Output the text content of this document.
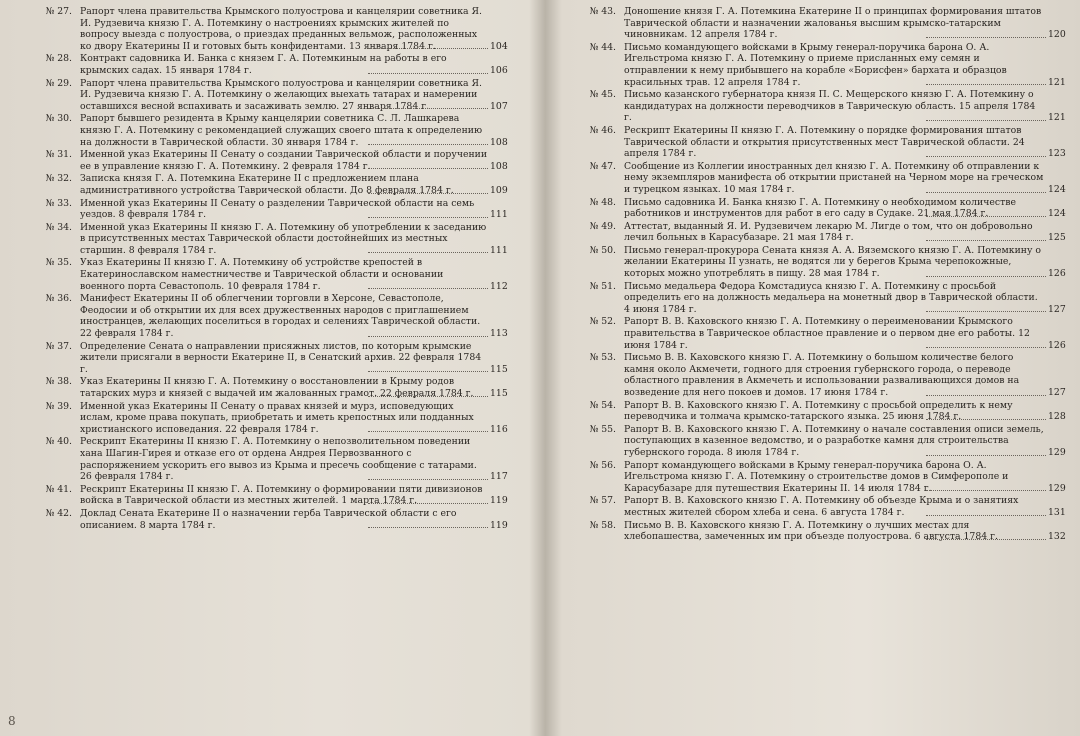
№ 27. Рапорт члена правительства Крымского полуострова и канцелярии советника Я. И. Рудзевича князю Г. А. Потемкину о настроениях крымских жителей по вопросу выезда с полуострова, о приездах преданных вельмож, расположенных ко двору Екатерины II и готовых быть конфидентами. 13 января 1784 г.	104
№ 28. Контракт садовника И. Банка с князем Г. А. Потемкиным на работы в его крымских садах. 15 января 1784 г.	106
№ 29. Рапорт члена правительства Крымского полуострова и канцелярии советника Я. И. Рудзевича князю Г. А. Потемкину о желающих выехать татарах и намерении оставшихся весной вспахивать и засаживать землю. 27 января 1784 г.	107
№ 30. Рапорт бывшего резидента в Крыму канцелярии советника С. Л. Лашкарева князю Г. А. Потемкину с рекомендацией служащих своего штата к определению на должности в Таврической области. 30 января 1784 г.	108
№ 31. Именной указ Екатерины II Сенату о создании Таврической области и поручении ее в управление князю Г. А. Потемкину. 2 февраля 1784 г.	108
№ 32. Записка князя Г. А. Потемкина Екатерине II с предложением плана административного устройства Таврической области. До 8 февраля 1784 г.	109
№ 33. Именной указ Екатерины II Сенату о разделении Таврической области на семь уездов. 8 февраля 1784 г.	111
№ 34. Именной указ Екатерины II князю Г. А. Потемкину об употреблении к заседанию в присутственных местах Таврической области достойнейших из местных старшин. 8 февраля 1784 г.	111
№ 35. Указ Екатерины II князю Г. А. Потемкину об устройстве крепостей в Екатеринославском наместничестве и Таврической области и основании военного порта Севастополь. 10 февраля 1784 г.	112
№ 36. Манифест Екатерины II об облегчении торговли в Херсоне, Севастополе, Феодосии и об открытии их для всех дружественных народов с приглашением иностранцев, желающих поселиться в городах и селениях Таврической области. 22 февраля 1784 г.	113
№ 37. Определение Сената о направлении присяжных листов, по которым крымские жители присягали в верности Екатерине II, в Сенатский архив. 22 февраля 1784 г.	115
№ 38. Указ Екатерины II князю Г. А. Потемкину о восстановлении в Крыму родов татарских мурз и князей с выдачей им жалованных грамот. 22 февраля 1784 г. 115
№ 39. Именной указ Екатерины II Сенату о правах князей и мурз, исповедующих ислам, кроме права покупать, приобретать и иметь крепостных или подданных христианского исповедания. 22 февраля 1784 г.	116
№ 40. Рескрипт Екатерины II князю Г. А. Потемкину о непозволительном поведении хана Шагин-Гирея и отказе его от ордена Андрея Первозванного с распоряжением ускорить его вывоз из Крыма и пресечь сообщение с татарами. 26 февраля 1784 г.	117
№ 41. Рескрипт Екатерины II князю Г. А. Потемкину о формировании пяти дивизионов войска в Таврической области из местных жителей. 1 марта 1784 г.	119
№ 42. Доклад Сената Екатерине II о назначении герба Таврической области с его описанием. 8 марта 1784 г.	119
№ 43. Доношение князя Г. А. Потемкина Екатерине II о принципах формирования штатов Таврической области и назначении жалованья высшим крымско-татарским чиновникам. 12 апреля 1784 г.	120
№ 44. Письмо командующего войсками в Крыму генерал-поручика барона О. А. Игельстрома князю Г. А. Потемкину о приеме присланных ему семян и отправлении к нему прибывшего на корабле «Борисфен» бархата и образцов красильных трав. 12 апреля 1784 г.	121
№ 45. Письмо казанского губернатора князя П. С. Мещерского князю Г. А. Потемкину о кандидатурах на должности переводчиков в Таврическую область. 15 апреля 1784 г.	121
№ 46. Рескрипт Екатерины II князю Г. А. Потемкину о порядке формирования штатов Таврической области и открытия присутственных мест Таврической области. 24 апреля 1784 г.	123
№ 47. Сообщение из Коллегии иностранных дел князю Г. А. Потемкину об отправлении к нему экземпляров манифеста об открытии пристаней на Черном море на греческом и турецком языках. 10 мая 1784 г.	124
№ 48. Письмо садовника И. Банка князю Г. А. Потемкину о необходимом количестве работников и инструментов для работ в его саду в Судаке. 21 мая 1784 г.	124
№ 49. Аттестат, выданный Я. И. Рудзевичем лекарю М. Лигде о том, что он добровольно лечил больных в Карасубазаре. 21 мая 1784 г.	125
№ 50. Письмо генерал-прокурора Сената князя А. А. Вяземского князю Г. А. Потемкину о желании Екатерины II узнать, не водятся ли у берегов Крыма черепокожные, которых можно употреблять в пищу. 28 мая 1784 г.	126
№ 51. Письмо медальера Федора Комстадиуса князю Г. А. Потемкину с просьбой определить его на должность медальера на монетный двор в Таврической области. 4 июня 1784 г.	127
№ 52. Рапорт В. В. Каховского князю Г. А. Потемкину о переименовании Крымского правительства в Таврическое областное правление и о первом дне его работы. 12 июня 1784 г.	126
№ 53. Письмо В. В. Каховского князю Г. А. Потемкину о большом количестве белого камня около Акмечети, годного для строения губернского города, о переводе областного правления в Акмечеть и использовании разваливающихся домов на возведение для него покоев и домов. 17 июня 1784 г.	127
№ 54. Рапорт В. В. Каховского князю Г. А. Потемкину с просьбой определить к нему переводчика и толмача крымско-татарского языка. 25 июня 1784 г.	128
№ 55. Рапорт В. В. Каховского князю Г. А. Потемкину о начале составления описи земель, поступающих в казенное ведомство, и о разработке камня для строительства губернского города. 8 июля 1784 г.	129
№ 56. Рапорт командующего войсками в Крыму генерал-поручика барона О. А. Игельстрома князю Г. А. Потемкину о строительстве домов в Симферополе и Карасубазаре для путешествия Екатерины II. 14 июля 1784 г.	129
№ 57. Рапорт В. В. Каховского князю Г. А. Потемкину об объезде Крыма и о занятиях местных жителей сбором хлеба и сена. 6 августа 1784 г.	131
№ 58. Письмо В. В. Каховского князю Г. А. Потемкину о лучших местах для хлебопашества, замеченных им при объезде полуострова. 6 августа 1784 г.	132
8
